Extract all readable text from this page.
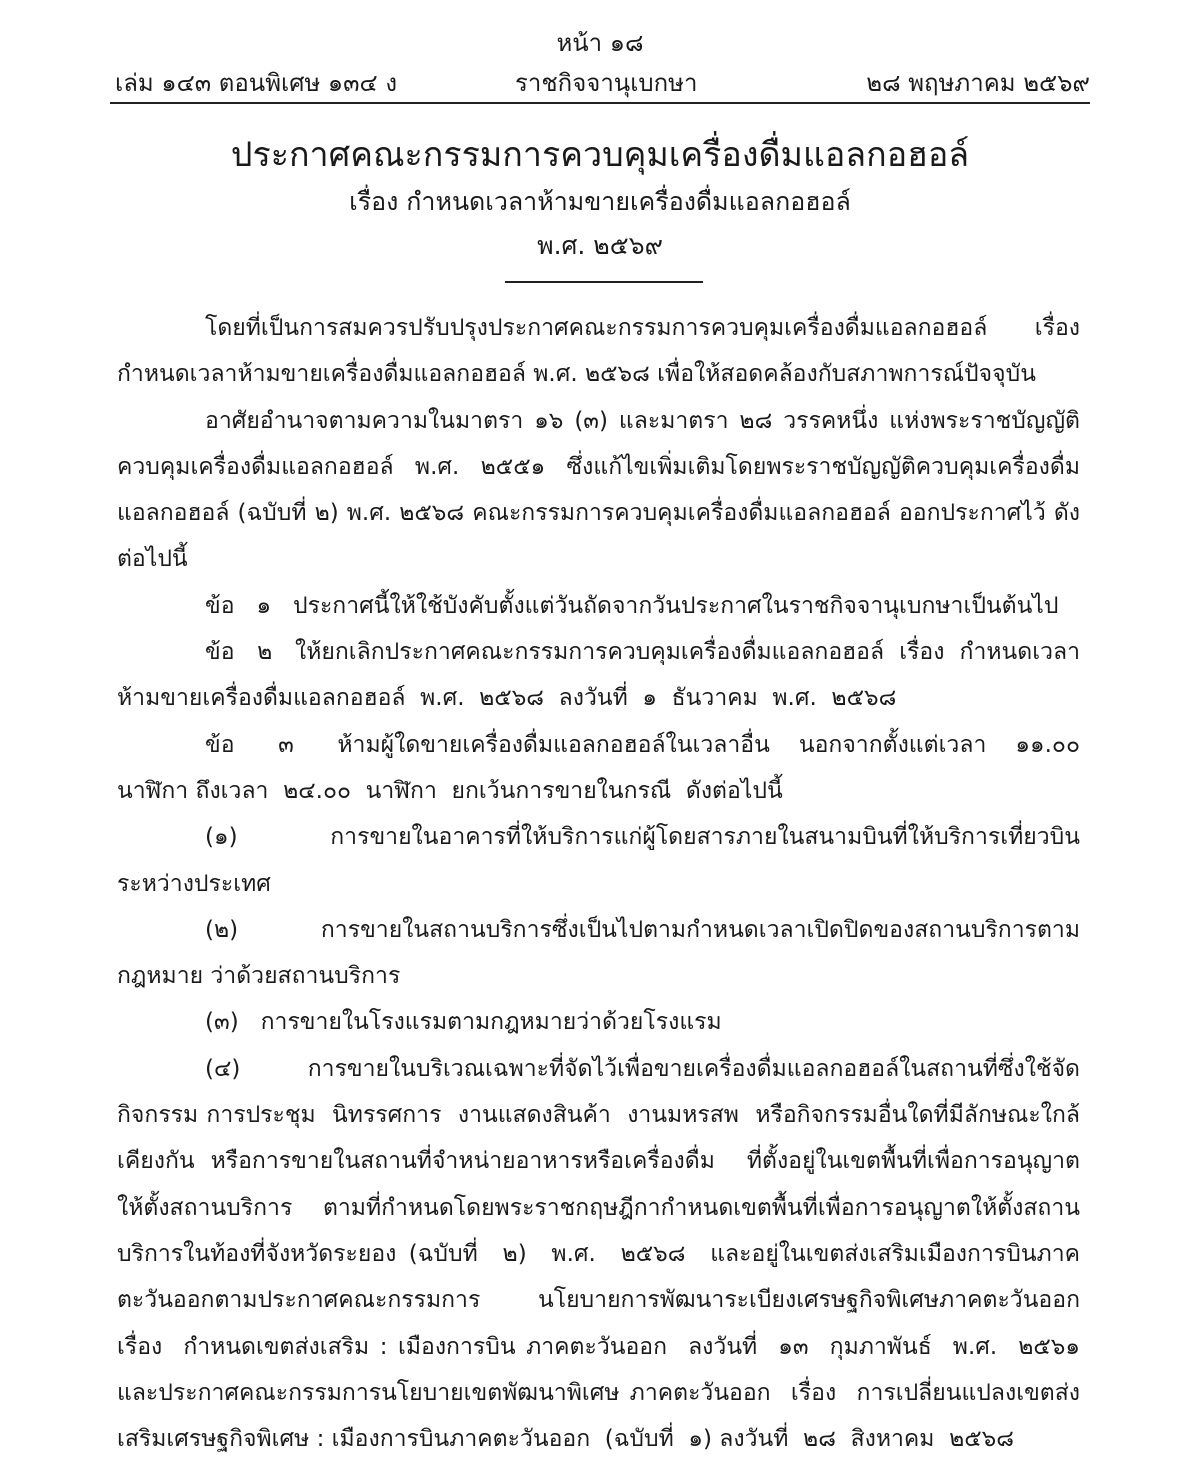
หน้า ๑๘
เล่ม ๑๔๓ ตอนพิเศษ ๑๓๔ ง	ราชกิจจานุเบกษา	๒๘ พฤษภาคม ๒๕๖๙
ประกาศคณะกรรมการควบคุมเครื่องดื่มแอลกอฮอล์
เรื่อง กำหนดเวลาห้ามขายเครื่องดื่มแอลกอฮอล์
พ.ศ. ๒๕๖๙

โดยที่เป็นการสมควรปรับปรุงประกาศคณะกรรมการควบคุมเครื่องดื่มแอลกอฮอล์ เรื่อง กำหนดเวลาห้ามขายเครื่องดื่มแอลกอฮอล์ พ.ศ. ๒๕๖๘ เพื่อให้สอดคล้องกับสภาพการณ์ปัจจุบัน

อาศัยอำนาจตามความในมาตรา ๑๖ (๓) และมาตรา ๒๘ วรรคหนึ่ง แห่งพระราชบัญญัติควบคุมเครื่องดื่มแอลกอฮอล์ พ.ศ. ๒๕๕๑ ซึ่งแก้ไขเพิ่มเติมโดยพระราชบัญญัติควบคุมเครื่องดื่มแอลกอฮอล์ (ฉบับที่ ๒) พ.ศ. ๒๕๖๘ คณะกรรมการควบคุมเครื่องดื่มแอลกอฮอล์ ออกประกาศไว้ ดังต่อไปนี้

ข้อ   ๑   ประกาศนี้ให้ใช้บังคับตั้งแต่วันถัดจากวันประกาศในราชกิจจานุเบกษาเป็นต้นไป

ข้อ   ๒   ให้ยกเลิกประกาศคณะกรรมการควบคุมเครื่องดื่มแอลกอฮอล์  เรื่อง  กำหนดเวลาห้ามขายเครื่องดื่มแอลกอฮอล์  พ.ศ.  ๒๕๖๘  ลงวันที่  ๑  ธันวาคม  พ.ศ.  ๒๕๖๘

ข้อ   ๓   ห้ามผู้ใดขายเครื่องดื่มแอลกอฮอล์ในเวลาอื่น  นอกจากตั้งแต่เวลา  ๑๑.๐๐  นาฬิกา ถึงเวลา  ๒๔.๐๐  นาฬิกา  ยกเว้นการขายในกรณี  ดังต่อไปนี้

(๑)   การขายในอาคารที่ให้บริการแก่ผู้โดยสารภายในสนามบินที่ให้บริการเที่ยวบินระหว่างประเทศ

(๒)   การขายในสถานบริการซึ่งเป็นไปตามกำหนดเวลาเปิดปิดของสถานบริการตามกฎหมาย ว่าด้วยสถานบริการ

(๓)   การขายในโรงแรมตามกฎหมายว่าด้วยโรงแรม

(๔)   การขายในบริเวณเฉพาะที่จัดไว้เพื่อขายเครื่องดื่มแอลกอฮอล์ในสถานที่ซึ่งใช้จัดกิจกรรม การประชุม  นิทรรศการ  งานแสดงสินค้า  งานมหรสพ  หรือกิจกรรมอื่นใดที่มีลักษณะใกล้เคียงกัน หรือการขายในสถานที่จำหน่ายอาหารหรือเครื่องดื่ม  ที่ตั้งอยู่ในเขตพื้นที่เพื่อการอนุญาตให้ตั้งสถานบริการ ตามที่กำหนดโดยพระราชกฤษฎีกากำหนดเขตพื้นที่เพื่อการอนุญาตให้ตั้งสถานบริการในท้องที่จังหวัดระยอง (ฉบับที่  ๒)  พ.ศ.  ๒๕๖๘  และอยู่ในเขตส่งเสริมเมืองการบินภาคตะวันออกตามประกาศคณะกรรมการ นโยบายการพัฒนาระเบียงเศรษฐกิจพิเศษภาคตะวันออก  เรื่อง  กำหนดเขตส่งเสริม : เมืองการบิน ภาคตะวันออก  ลงวันที่  ๑๓  กุมภาพันธ์  พ.ศ.  ๒๕๖๑  และประกาศคณะกรรมการนโยบายเขตพัฒนาพิเศษ ภาคตะวันออก  เรื่อง  การเปลี่ยนแปลงเขตส่งเสริมเศรษฐกิจพิเศษ : เมืองการบินภาคตะวันออก  (ฉบับที่  ๑) ลงวันที่  ๒๘  สิงหาคม  ๒๕๖๘
